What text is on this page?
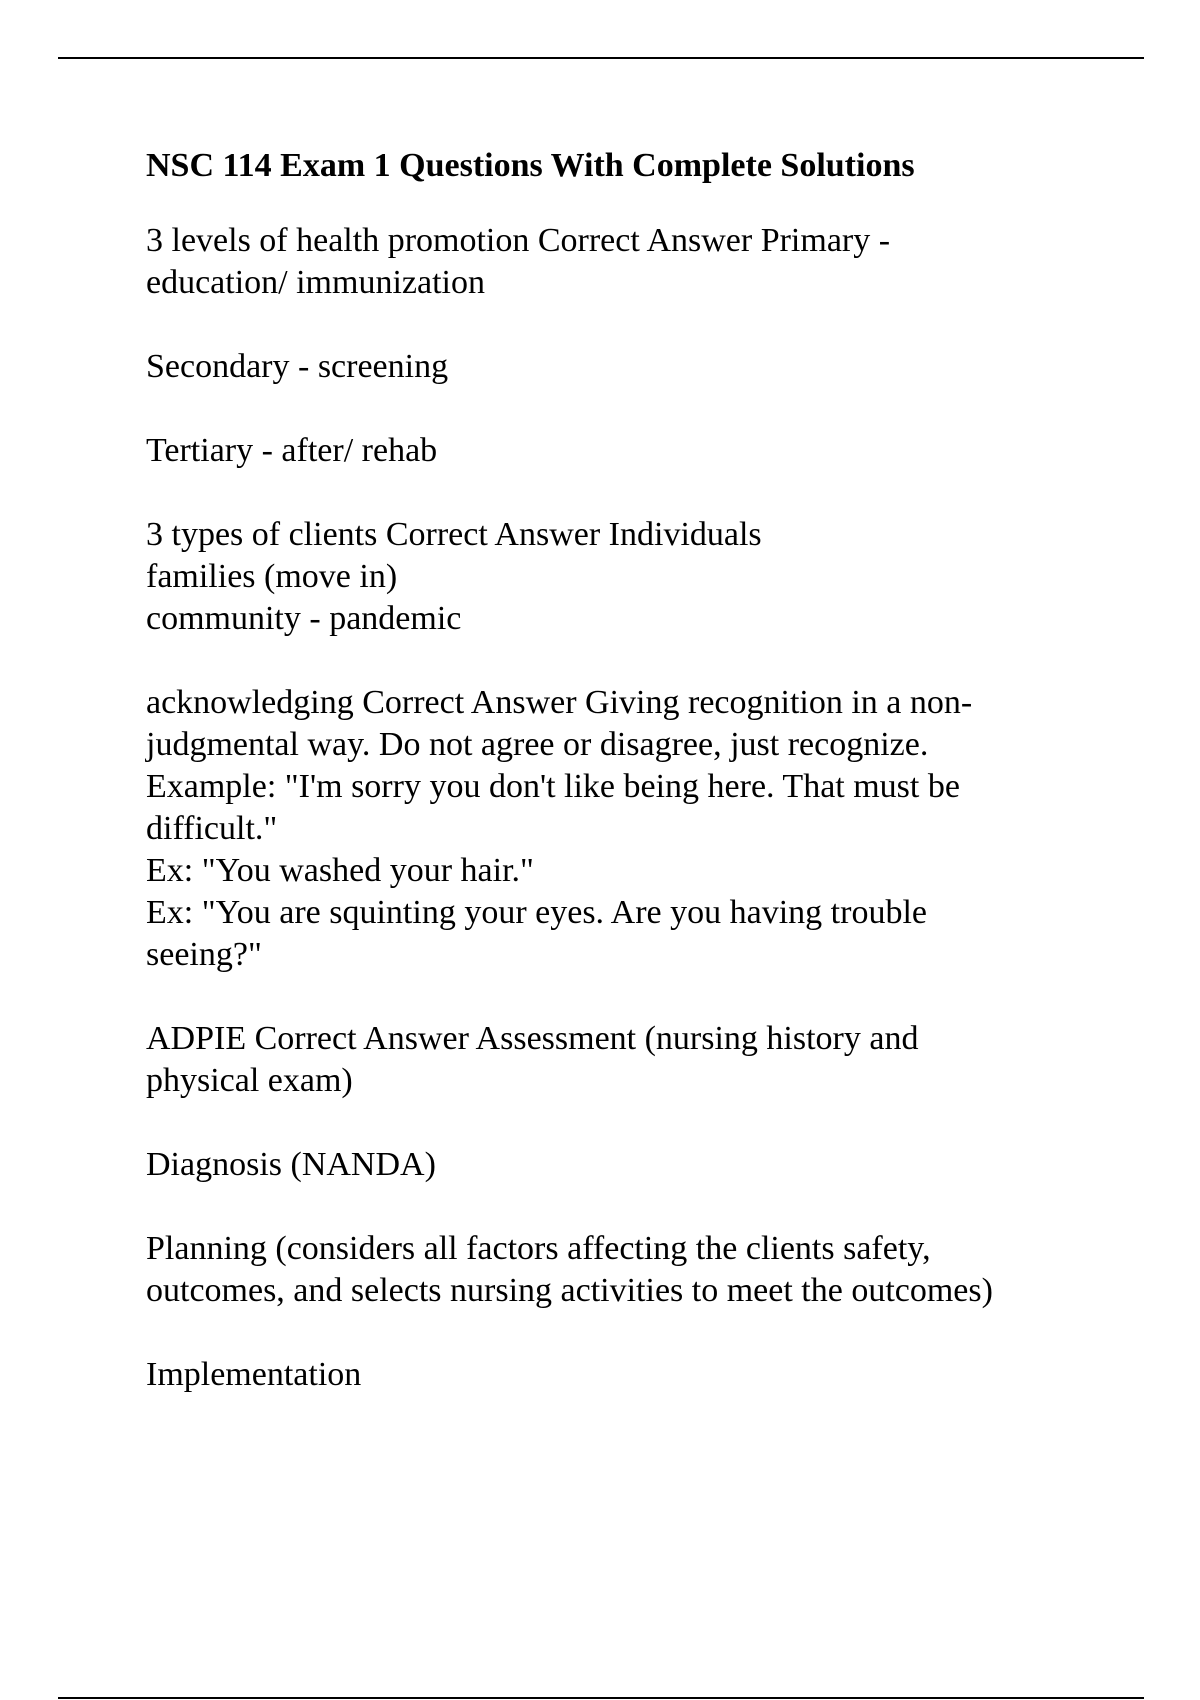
NSC 114 Exam 1 Questions With Complete Solutions
3 levels of health promotion Correct Answer Primary -
education/ immunization
Secondary - screening
Tertiary - after/ rehab
3 types of clients Correct Answer Individuals
families (move in)
community - pandemic
acknowledging Correct Answer Giving recognition in a non-
judgmental way. Do not agree or disagree, just recognize.
Example: "I'm sorry you don't like being here. That must be
difficult."
Ex: "You washed your hair."
Ex: "You are squinting your eyes. Are you having trouble
seeing?"
ADPIE Correct Answer Assessment (nursing history and
physical exam)
Diagnosis (NANDA)
Planning (considers all factors affecting the clients safety,
outcomes, and selects nursing activities to meet the outcomes)
Implementation
